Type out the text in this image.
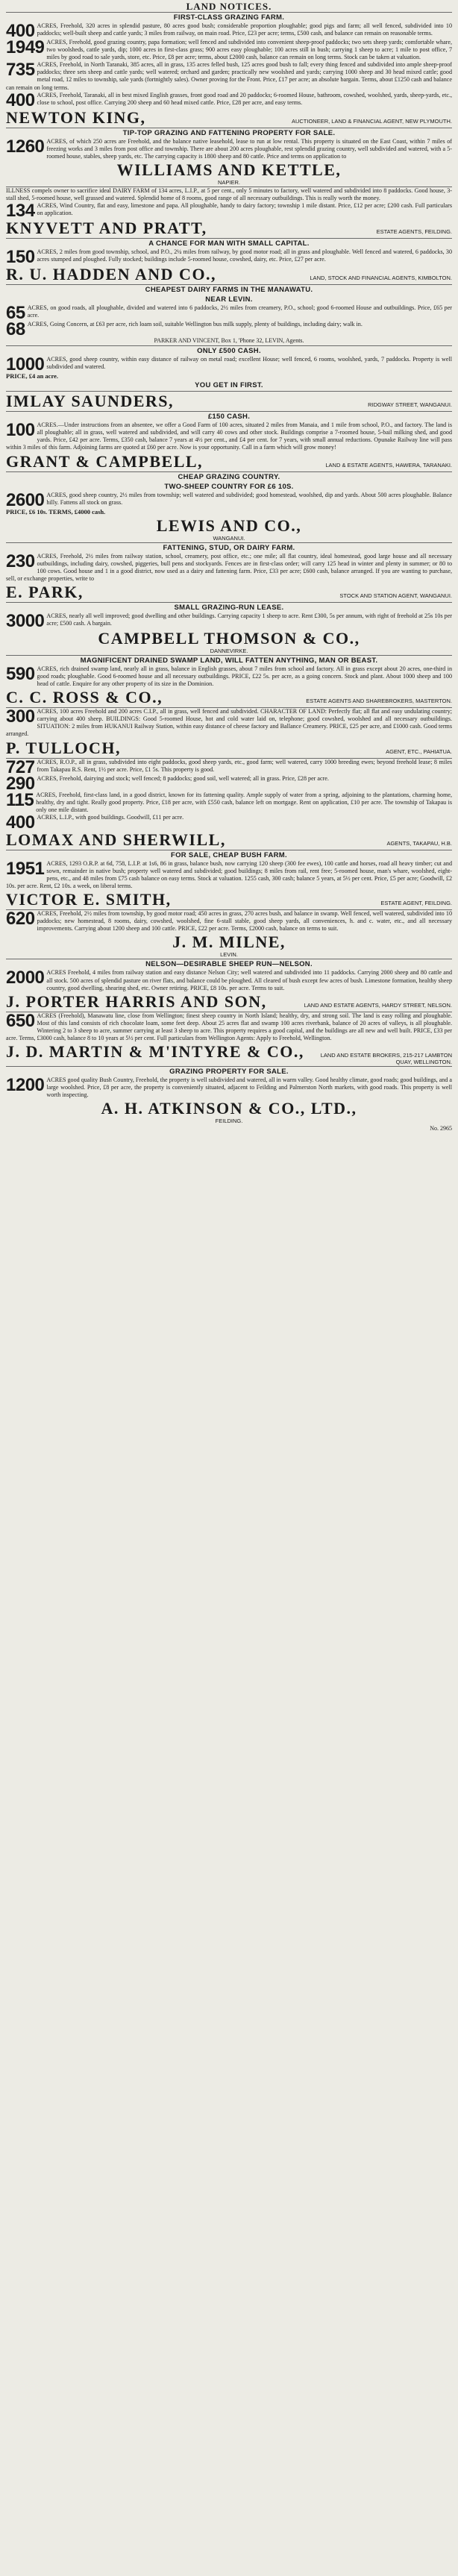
LAND NOTICES.
FIRST-CLASS GRAZING FARM.

400 ACRES, Freehold, 320 acres in splendid pasture, 80 acres good bush; considerable proportion ploughable; good pigs and farm; all well fenced, subdivided into 10 paddocks; well-built sheep and cattle yards; 3 miles from railway, on main road. Price, £23 per acre; terms, £500 cash, and balance can remain on reasonable terms.

1949 ACRES, Freehold, good grazing country, papa formation; well fenced and subdivided into convenient sheep-proof paddocks; two sets sheep yards; comfortable whare, two woolsheds, cattle yards, dip; 1000 acres in first-class grass; 900 acres easy ploughable; 100 acres still in bush; carrying 1 sheep to acre; 1 mile to post office, 7 miles by good road to sale yards, store, etc. Price, £8 per acre; terms, about £2000 cash, balance can remain on long terms. Stock can be taken at valuation.

735 ACRES, Freehold, in North Taranaki, 385 acres, all in grass, 135 acres felled bush, 125 acres good bush to fall; every thing fenced and subdivided into ample sheep-proof paddocks; three sets sheep and cattle yards; well watered; orchard and garden; practically new woolshed and yards; carrying 1000 sheep and 30 head mixed cattle; good metal road, 12 miles to township, sale yards (fortnightly sales). Owner proving for the Front. Price, £17 per acre; an absolute bargain. Terms, about £1250 cash and balance can remain on long terms.

400 ACRES, Freehold, Taranaki, all in best mixed English grasses, front good road and 20 paddocks; 6-roomed House, bathroom, cowshed, woolshed, yards, sheep-yards, etc., close to school, post office. Carrying 200 sheep and 60 head mixed cattle. Price, £28 per acre, and easy terms.

NEWTON KING,	AUCTIONEER, LAND & FINANCIAL AGENT, NEW PLYMOUTH.
TIP-TOP GRAZING AND FATTENING PROPERTY FOR SALE.

1260 ACRES, of which 250 acres are Freehold, and the balance native leasehold, lease to run at low rental. This property is situated on the East Coast, within 7 miles of freezing works and 3 miles from post office and township. There are about 200 acres ploughable, rest splendid grazing country, well subdivided and watered, with a 5-roomed house, stables, sheep yards, etc. The carrying capacity is 1800 sheep and 80 cattle. Price and terms on application to

WILLIAMS AND KETTLE,
NAPIER.

ILLNESS compels owner to sacrifice ideal DAIRY FARM of 134 acres, L.I.P., at 5 per cent., only 5 minutes to factory, well watered and subdivided into 8 paddocks. Good house, 3-stall shed, 5-roomed house, well grassed and watered. Splendid home of 8 rooms, good range of all necessary outbuildings. This is really worth the money.

134 ACRES, Wind Country, flat and easy, limestone and papa. All ploughable, handy to dairy factory; township 1 mile distant. Price, £12 per acre; £200 cash. Full particulars on application.

KNYVETT AND PRATT,	ESTATE AGENTS, FEILDING.
A CHANCE FOR MAN WITH SMALL CAPITAL.

150 ACRES, 2 miles from good township, school, and P.O., 2¼ miles from railway, by good motor road; all in grass and ploughable. Well fenced and watered, 6 paddocks, 30 acres stumped and ploughed. Fully stocked; buildings include 5-roomed house, cowshed, dairy, etc. Price, £27 per acre.

R. U. HADDEN AND CO.,	LAND, STOCK AND FINANCIAL AGENTS, KIMBOLTON.
CHEAPEST DAIRY FARMS IN THE MANAWATU.
NEAR LEVIN.

65 ACRES, on good roads, all ploughable, divided and watered into 6 paddocks, 2½ miles from creamery, P.O., school; good 6-roomed House and outbuildings. Price, £65 per acre.

68 ACRES, Going Concern, at £63 per acre, rich loam soil, suitable Wellington bus milk supply, plenty of buildings, including dairy; walk in.

PARKER AND VINCENT, Box 1, 'Phone 32, LEVIN, Agents.
ONLY £500 CASH.

1000 ACRES, good sheep country, within easy distance of railway on metal road; excellent House; well fenced, 6 rooms, woolshed, yards, 7 paddocks. Property is well subdivided and watered.

PRICE, £4 an acre.
YOU GET IN FIRST.
IMLAY SAUNDERS,	RIDGWAY STREET, WANGANUI.
£150 CASH.

100 ACRES.—Under instructions from an absentee, we offer a Good Farm of 100 acres, situated 2 miles from Manaia, and 1 mile from school, P.O., and factory. The land is all ploughable; all in grass, well watered and subdivided, and will carry 40 cows and other stock. Buildings comprise a 7-roomed house, 5-bail milking shed, and good yards. Price, £42 per acre. Terms, £350 cash, balance 7 years at 4½ per cent., and £4 per cent. for 7 years, with small annual reductions. Opunake Railway line will pass within 3 miles of this farm. Adjoining farms are quoted at £60 per acre. Now is your opportunity. Call in a farm which will grow money!

GRANT & CAMPBELL,	LAND & ESTATE AGENTS, HAWERA, TARANAKI.
CHEAP GRAZING COUNTRY.
TWO-SHEEP COUNTRY FOR £6 10S.

2600 ACRES, good sheep country, 2½ miles from township; well watered and subdivided; good homestead, woolshed, dip and yards. About 500 acres ploughable. Balance hilly. Fattens all stock on grass.

PRICE, £6 10s. TERMS, £4000 cash.
LEWIS AND CO.,
WANGANUI.
FATTENING, STUD, OR DAIRY FARM.

230 ACRES, Freehold, 2½ miles from railway station, school, creamery, post office, etc.; one mile; all flat country, ideal homestead, good large house and all necessary outbuildings, including dairy, cowshed, piggeries, bull pens and stockyards. Fences are in first-class order; will carry 125 head in winter and plenty in summer; or 80 to 100 cows. Good house and 1 in a good district, now used as a dairy and fattening farm. Price, £33 per acre; £600 cash, balance arranged. If you are wanting to purchase, sell, or exchange properties, write to

E. PARK,	STOCK AND STATION AGENT, WANGANUI.
SMALL GRAZING-RUN LEASE.

3000 ACRES, nearly all well improved; good dwelling and other buildings. Carrying capacity 1 sheep to acre. Rent £300, 5s per annum, with right of freehold at 25s 10s per acre; £500 cash. A bargain.

CAMPBELL THOMSON & CO.,
DANNEVIRKE.
MAGNIFICENT DRAINED SWAMP LAND, WILL FATTEN ANYTHING, MAN OR BEAST.

590 ACRES, rich drained swamp land, nearly all in grass, balance in English grasses, about 7 miles from school and factory. All in grass except about 20 acres, one-third in good roads; ploughable. Good 6-roomed house and all necessary outbuildings. PRICE, £22 5s. per acre, as a going concern. Stock and plant. About 1000 sheep and 100 head of cattle. Enquire for any other property of its size in the Dominion.

C. C. ROSS & CO.,	ESTATE AGENTS AND SHAREBROKERS, MASTERTON.

300 ACRES, 100 acres Freehold and 200 acres C.I.P., all in grass, well fenced and subdivided. CHARACTER OF LAND: Perfectly flat; all flat and easy undulating country; carrying about 400 sheep. BUILDINGS: Good 5-roomed House, hot and cold water laid on, telephone; good cowshed, woolshed and all necessary outbuildings. SITUATION: 2 miles from HUKANUI Railway Station, within easy distance of cheese factory and Ballance Creamery. PRICE, £25 per acre, and £1000 cash. Good terms arranged.

P. TULLOCH,	AGENT, ETC., PAHIATUA.

727 ACRES, R.O.P., all in grass, subdivided into eight paddocks, good sheep yards, etc., good farm; well watered, carry 1000 breeding ewes; beyond freehold lease; 8 miles from Takapau R.S. Rent, 1½ per acre. Price, £1 5s. This property is good.

290 ACRES, Freehold, dairying and stock; well fenced; 8 paddocks; good soil, well watered; all in grass. Price, £28 per acre.

115 ACRES, Freehold, first-class land, in a good district, known for its fattening quality. Ample supply of water from a spring, adjoining to the plantations, charming home, healthy, dry and tight. Really good property. Price, £18 per acre, with £550 cash, balance left on mortgage. Rent on application, £10 per acre. The township of Takapau is only one mile distant.

400 ACRES, L.I.P., with good buildings. Goodwill, £11 per acre.

LOMAX AND SHERWILL,	AGENTS, TAKAPAU, H.B.
FOR SALE, CHEAP BUSH FARM.

1951 ACRES, 1293 O.R.P. at 6d, 758, L.I.P. at 1s6, 86 in grass, balance bush, now carrying 120 sheep (300 fee ewes), 100 cattle and horses, road all heavy timber; cut and sown, remainder in native bush; property well watered and subdivided; good buildings; 8 miles from rail, rent free; 5-roomed house, man's whare, woolshed, eight-pens, etc., and 48 miles from £75 cash balance on easy terms. Stock at valuation. 1255 cash, 300 cash; balance 5 years, at 5½ per cent. Price, £5 per acre; Goodwill, £2 10s. per acre. Rent, £2 10s. a week, on liberal terms.

VICTOR E. SMITH,	ESTATE AGENT, FEILDING.

620 ACRES, Freehold, 2½ miles from township, by good motor road; 450 acres in grass, 270 acres bush, and balance in swamp. Well fenced, well watered, subdivided into 10 paddocks; new homestead, 8 rooms, dairy, cowshed, woolshed, fine 6-stall stable, good sheep yards, all conveniences, h. and c. water, etc., and all necessary improvements. Carrying about 1200 sheep and 100 cattle. PRICE, £22 per acre. Terms, £2000 cash, balance on terms to suit.

J. M. MILNE,
LEVIN.
NELSON—DESIRABLE SHEEP RUN—NELSON.

2000 ACRES Freehold, 4 miles from railway station and easy distance Nelson City; well watered and subdivided into 11 paddocks. Carrying 2000 sheep and 80 cattle and all stock. 500 acres of splendid pasture on river flats, and balance could be ploughed. All cleared of bush except few acres of bush. Limestone formation, healthy sheep country, good dwelling, shearing shed, etc. Owner retiring. PRICE, £8 10s. per acre. Terms to suit.

J. PORTER HARRIS AND SON,	LAND AND ESTATE AGENTS, HARDY STREET, NELSON.

650 ACRES (Freehold), Manawatu line, close from Wellington; finest sheep country in North Island; healthy, dry, and strong soil. The land is easy rolling and ploughable. Most of this land consists of rich chocolate loam, some feet deep. About 25 acres flat and swamp 100 acres riverbank, balance of 20 acres of valleys, is all ploughable. Wintering 2 to 3 sheep to acre, summer carrying at least 3 sheep to acre. This property requires a good capital, and the buildings are all new and well built. PRICE, £33 per acre. Terms, £3000 cash, balance 8 to 10 years at 5½ per cent. Full particulars from Wellington Agents: Apply to Freehold, Wellington.

J. D. MARTIN & M'INTYRE & CO.,	LAND AND ESTATE BROKERS, 215-217 LAMBTON QUAY, WELLINGTON.
GRAZING PROPERTY FOR SALE.

1200 ACRES good quality Bush Country, Freehold, the property is well subdivided and watered, all in warm valley. Good healthy climate, good roads; good buildings, and a large woolshed. Price, £8 per acre, the property is conveniently situated, adjacent to Feilding and Palmerston North markets, with good roads. This property is well worth inspecting.

A. H. ATKINSON & CO., LTD.,
FEILDING.
No. 2965
